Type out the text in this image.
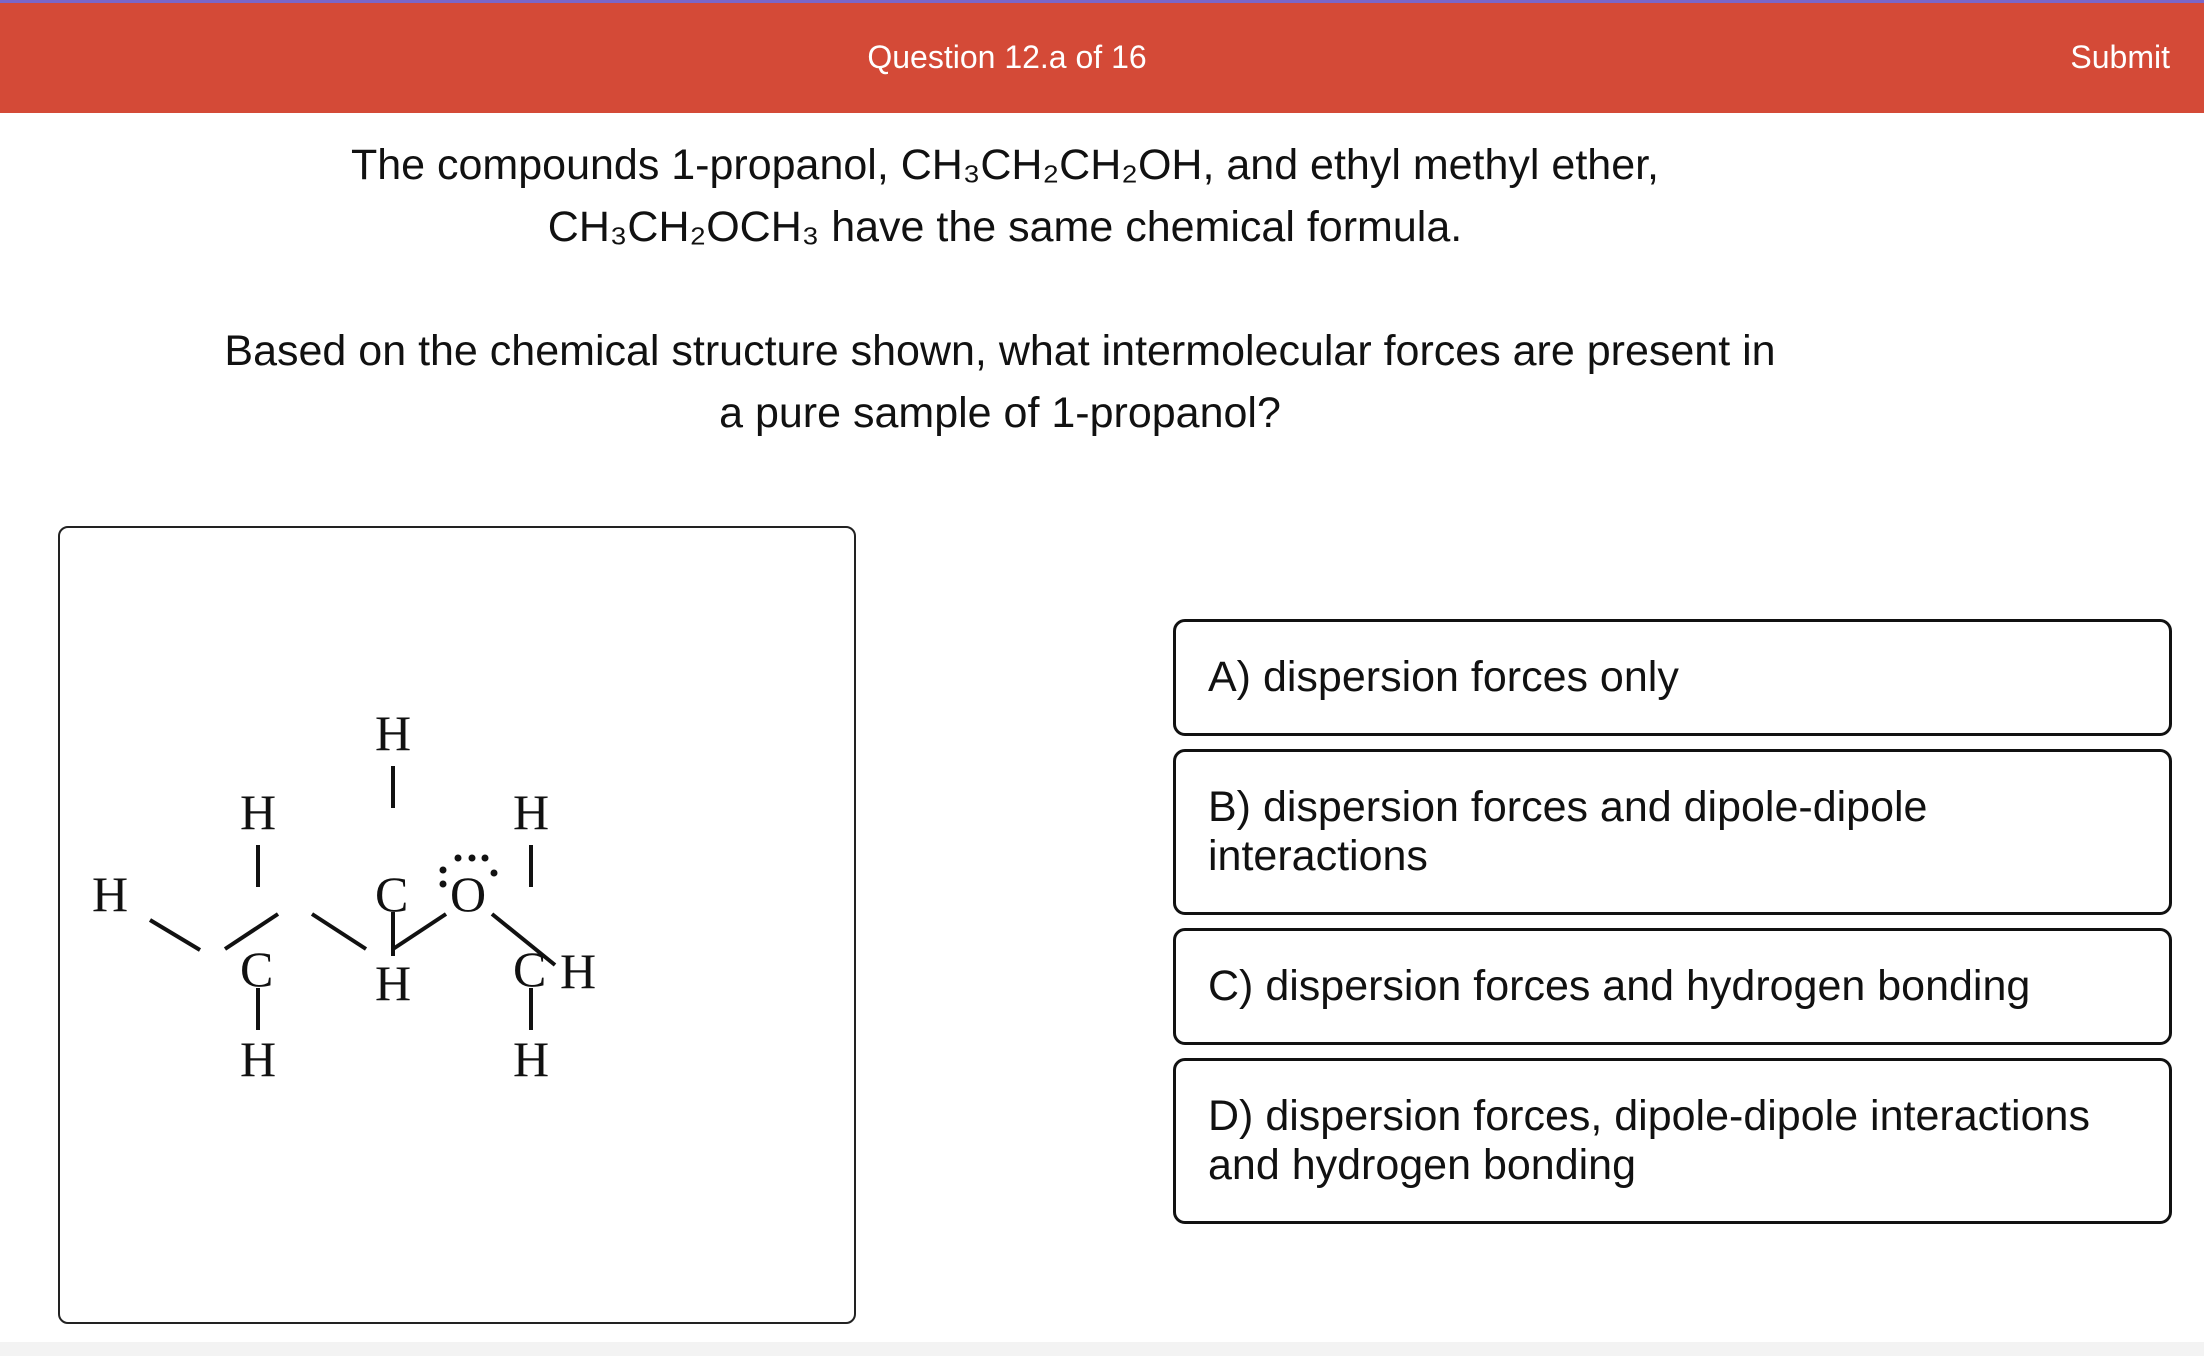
Question 12.a of 16	Submit
The compounds 1-propanol, CH₃CH₂CH₂OH, and ethyl methyl ether,
CH₃CH₂OCH₃ have the same chemical formula.
Based on the chemical structure shown, what intermolecular forces are present in
a pure sample of 1-propanol?
H
C
H
H
C
H
H C
H
H
O
H
A) dispersion forces only
B) dispersion forces and dipole-dipole interactions
C) dispersion forces and hydrogen bonding
D) dispersion forces, dipole-dipole interactions and hydrogen bonding
